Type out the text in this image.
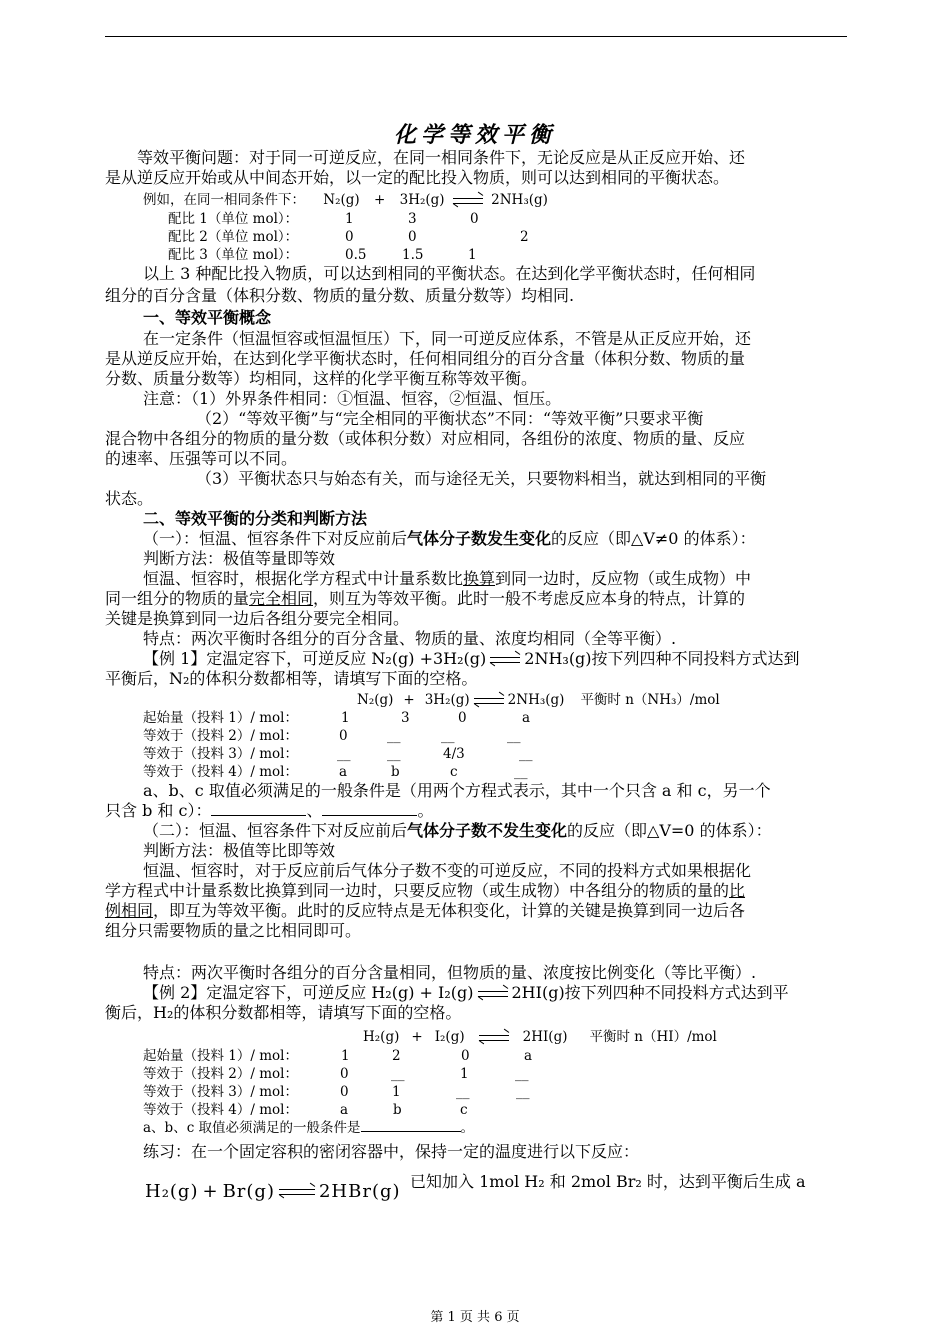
化学等效平衡
等效平衡问题：对于同一可逆反应，在同一相同条件下，无论反应是从正反应开始、还
是从逆反应开始或从中间态开始，以一定的配比投入物质，则可以达到相同的平衡状态。
例如，在同一相同条件下： N₂(g) + 3H₂(g)	2NH₃(g)
配比 1（单位 mol）：	1	3	0
配比 2（单位 mol）：	0	0	2
配比 3（单位 mol）：	0.5	1.5	1
以上 3 种配比投入物质，可以达到相同的平衡状态。在达到化学平衡状态时，任何相同
组分的百分含量（体积分数、物质的量分数、质量分数等）均相同.
一、等效平衡概念
在一定条件（恒温恒容或恒温恒压）下，同一可逆反应体系，不管是从正反应开始，还
是从逆反应开始，在达到化学平衡状态时，任何相同组分的百分含量（体积分数、物质的量
分数、质量分数等）均相同，这样的化学平衡互称等效平衡。
注意：（1）外界条件相同：①恒温、恒容，②恒温、恒压。
（2）“等效平衡”与“完全相同的平衡状态”不同：“等效平衡”只要求平衡
混合物中各组分的物质的量分数（或体积分数）对应相同，各组份的浓度、物质的量、反应
的速率、压强等可以不同。
（3）平衡状态只与始态有关，而与途径无关，只要物料相当，就达到相同的平衡
状态。
二、等效平衡的分类和判断方法
（一）：恒温、恒容条件下对反应前后气体分子数发生变化的反应（即△V≠0 的体系）：
判断方法：极值等量即等效
恒温、恒容时，根据化学方程式中计量系数比换算到同一边时，反应物（或生成物）中
同一组分的物质的量完全相同，则互为等效平衡。此时一般不考虑反应本身的特点，计算的
关键是换算到同一边后各组分要完全相同。
特点：两次平衡时各组分的百分含量、物质的量、浓度均相同（全等平衡）.
【例 1】定温定容下，可逆反应 N₂(g) +3H₂(g) 2NH₃(g)按下列四种不同投料方式达到
平衡后，N₂的体积分数都相等，请填写下面的空格。
N₂(g) + 3H₂(g)	2NH₃(g) 平衡时 n（NH₃）/mol
起始量（投料 1）/ mol：	1	3	0	a
等效于（投料 2）/ mol：	0	__	__	__
等效于（投料 3）/ mol：	__	__	4/3	__
等效于（投料 4）/ mol：	a	b	c	__
a、b、c 取值必须满足的一般条件是（用两个方程式表示，其中一个只含 a 和 c，另一个
只含 b 和 c）：	、	。
（二）：恒温、恒容条件下对反应前后气体分子数不发生变化的反应（即△V=0 的体系）：
判断方法：极值等比即等效
恒温、恒容时，对于反应前后气体分子数不变的可逆反应，不同的投料方式如果根据化
学方程式中计量系数比换算到同一边时，只要反应物（或生成物）中各组分的物质的量的比
例相同，即互为等效平衡。此时的反应特点是无体积变化，计算的关键是换算到同一边后各
组分只需要物质的量之比相同即可。
特点：两次平衡时各组分的百分含量相同，但物质的量、浓度按比例变化（等比平衡）.
【例 2】定温定容下，可逆反应 H₂(g) + I₂(g) 2HI(g)按下列四种不同投料方式达到平
衡后，H₂的体积分数都相等，请填写下面的空格。
H₂(g) + I₂(g)	2HI(g) 平衡时 n（HI）/mol
起始量（投料 1）/ mol：	1	2	0	a
等效于（投料 2）/ mol：	0	__	1	__
等效于（投料 3）/ mol：	0	1	__	__
等效于（投料 4）/ mol：	a	b	c
a、b、c 取值必须满足的一般条件是	。
练习：在一个固定容积的密闭容器中，保持一定的温度进行以下反应：
H₂(g) + Br(g) 2HBr(g) 已知加入 1mol H₂ 和 2mol Br₂ 时，达到平衡后生成 a
第 1 页 共 6 页
